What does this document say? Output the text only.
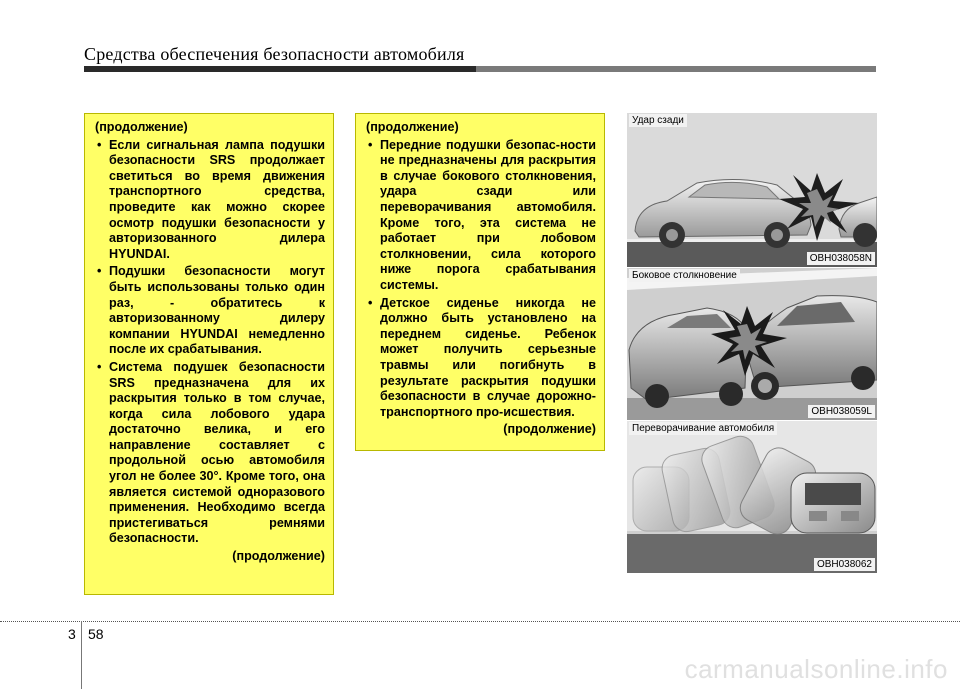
Средства обеспечения безопасности автомобиля
(продолжение)
• Если сигнальная лампа подушки безопасности SRS продолжает светиться во время движения транспортного средства, проведите как можно скорее осмотр подушки безопасности у авторизованного дилера HYUNDAI.
• Подушки безопасности могут быть использованы только один раз, - обратитесь к авторизованному дилеру компании HYUNDAI немедленно после их срабатывания.
• Система подушек безопасности SRS предназначена для их раскрытия только в том случае, когда сила лобового удара достаточно велика, и его направление составляет с продольной осью автомобиля угол не более 30°. Кроме того, она является системой одноразового применения. Необходимо всегда пристегиваться ремнями безопасности.
(продолжение)
(продолжение)
• Передние подушки безопас-ности не предназначены для раскрытия в случае бокового столкновения, удара сзади или переворачивания автомобиля. Кроме того, эта система не работает при лобовом столкновении, сила которого ниже порога срабатывания системы.
• Детское сиденье никогда не должно быть установлено на переднем сиденье. Ребенок может получить серьезные травмы или погибнуть в результате раскрытия подушки безопасности в случае дорожно-транспортного про-исшествия.
(продолжение)
Удар сзади
OBH038058N
Боковое столкновение
OBH038059L
Переворачивание автомобиля
OBH038062
3 58
carmanualsonline.info
